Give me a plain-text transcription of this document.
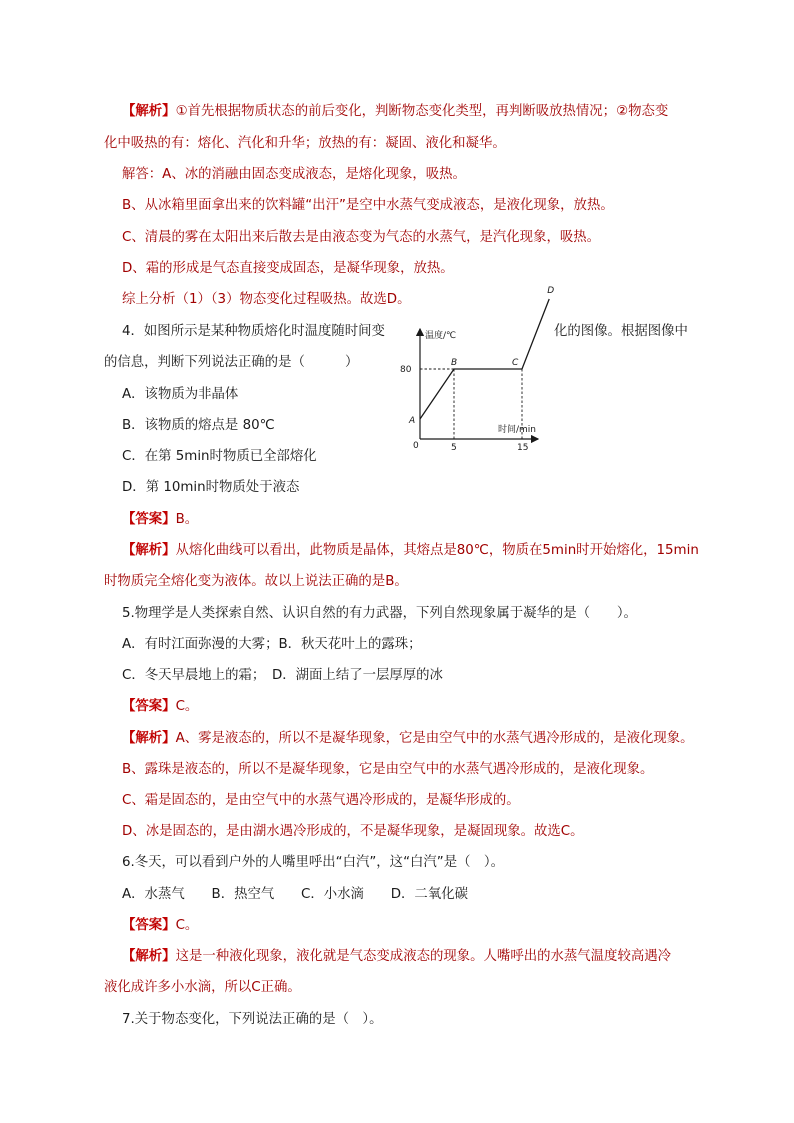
【解析】①首先根据物质状态的前后变化，判断物态变化类型，再判断吸放热情况；②物态变
化中吸热的有：熔化、汽化和升华；放热的有：凝固、液化和凝华。
解答：A、冰的消融由固态变成液态，是熔化现象，吸热。
B、从冰箱里面拿出来的饮料罐“出汗”是空中水蒸气变成液态，是液化现象，放热。
C、清晨的雾在太阳出来后散去是由液态变为气态的水蒸气，是汽化现象，吸热。
D、霜的形成是气态直接变成固态，是凝华现象，放热。
综上分析（1）（3）物态变化过程吸热。故选D。
4．如图所示是某种物质熔化时温度随时间变	化的图像。根据图像中
的信息，判断下列说法正确的是（　　　）
A．该物质为非晶体
B．该物质的熔点是 80℃
C．在第 5min时物质已全部熔化
D．第 10min时物质处于液态
温度/℃
时间/min
0
80
5	15
A
B	C
D
【答案】B。
【解析】从熔化曲线可以看出，此物质是晶体，其熔点是80℃，物质在5min时开始熔化，15min
时物质完全熔化变为液体。故以上说法正确的是B。
5.物理学是人类探索自然、认识自然的有力武器，下列自然现象属于凝华的是（　　）。
A．有时江面弥漫的大雾；B．秋天花叶上的露珠；
C．冬天早晨地上的霜；　D．湖面上结了一层厚厚的冰
【答案】C。
【解析】A、雾是液态的，所以不是凝华现象，它是由空气中的水蒸气遇冷形成的，是液化现象。
B、露珠是液态的，所以不是凝华现象，它是由空气中的水蒸气遇冷形成的，是液化现象。
C、霜是固态的，是由空气中的水蒸气遇冷形成的，是凝华形成的。
D、冰是固态的，是由湖水遇冷形成的，不是凝华现象，是凝固现象。故选C。
6.冬天，可以看到户外的人嘴里呼出“白汽”，这“白汽”是（　）。
A．水蒸气　　B．热空气　　C．小水滴　　D．二氧化碳
【答案】C。
【解析】这是一种液化现象，液化就是气态变成液态的现象。人嘴呼出的水蒸气温度较高遇冷
液化成许多小水滴，所以C正确。
7.关于物态变化，下列说法正确的是（　）。
